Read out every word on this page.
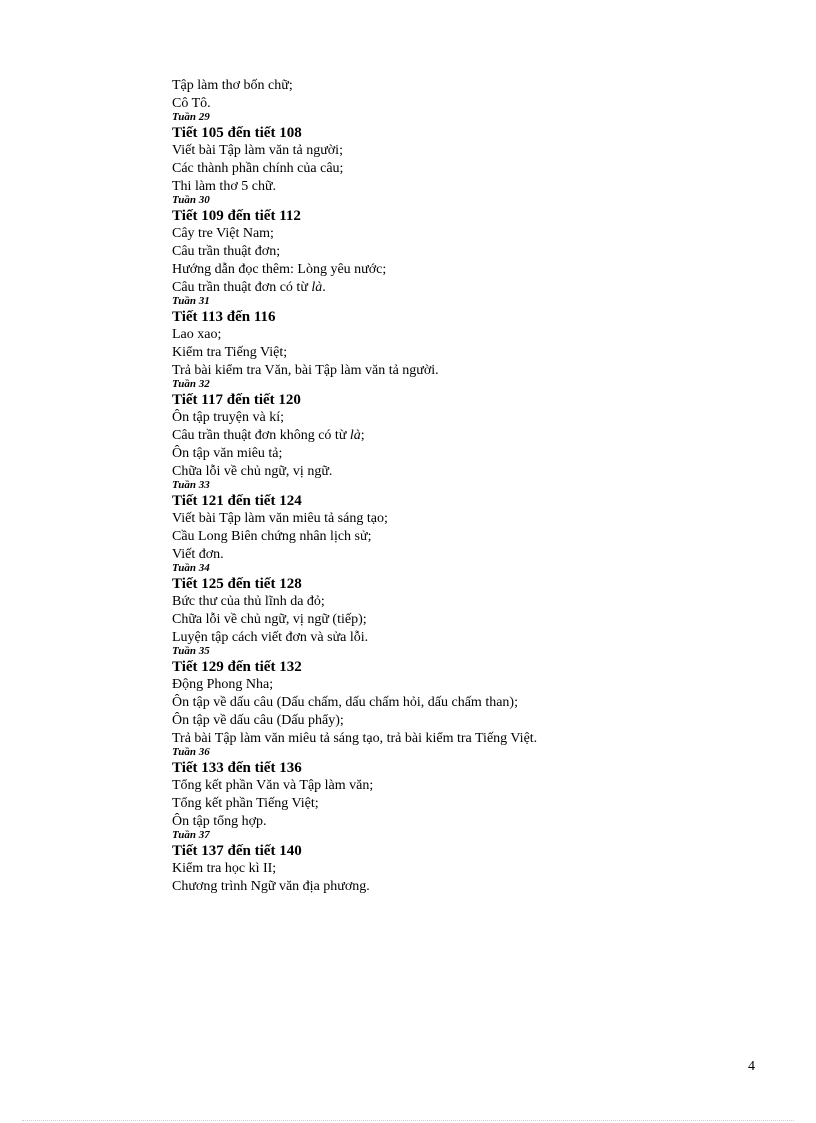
Tập làm thơ bốn chữ;
Cô Tô.
Tuần 29
Tiết 105 đến tiết 108
Viết bài Tập làm văn tả người;
Các thành phần chính của câu;
Thi làm thơ 5 chữ.
Tuần 30
Tiết 109 đến tiết 112
Cây tre Việt Nam;
Câu trần thuật đơn;
Hướng dẫn đọc thêm: Lòng yêu nước;
Câu trần thuật đơn có từ là.
Tuần 31
Tiết 113 đến 116
Lao xao;
Kiểm tra Tiếng Việt;
Trả bài kiểm tra Văn, bài Tập làm văn tả người.
Tuần 32
Tiết 117 đến tiết 120
Ôn tập truyện và kí;
Câu trần thuật đơn không có từ là;
Ôn tập văn miêu tả;
Chữa lỗi về chủ ngữ, vị ngữ.
Tuần 33
Tiết 121 đến tiết 124
Viết bài Tập làm văn miêu tả sáng tạo;
Cầu Long Biên chứng nhân lịch sử;
Viết đơn.
Tuần 34
Tiết 125 đến tiết 128
Bức thư của thủ lĩnh da đỏ;
Chữa lỗi về chủ ngữ, vị ngữ (tiếp);
Luyện tập cách viết đơn và sửa lỗi.
Tuần 35
Tiết 129 đến tiết 132
Động Phong Nha;
Ôn tập về dấu câu (Dấu chấm, dấu chấm hỏi, dấu chấm than);
Ôn tập về dấu câu (Dấu phẩy);
Trả bài Tập làm văn miêu tả sáng tạo, trả bài kiểm tra Tiếng Việt.
Tuần 36
Tiết 133 đến tiết 136
Tổng kết phần Văn và Tập làm văn;
Tổng kết phần Tiếng Việt;
Ôn tập tổng hợp.
Tuần 37
Tiết 137 đến tiết 140
Kiểm tra học kì II;
Chương trình Ngữ văn địa phương.
4
